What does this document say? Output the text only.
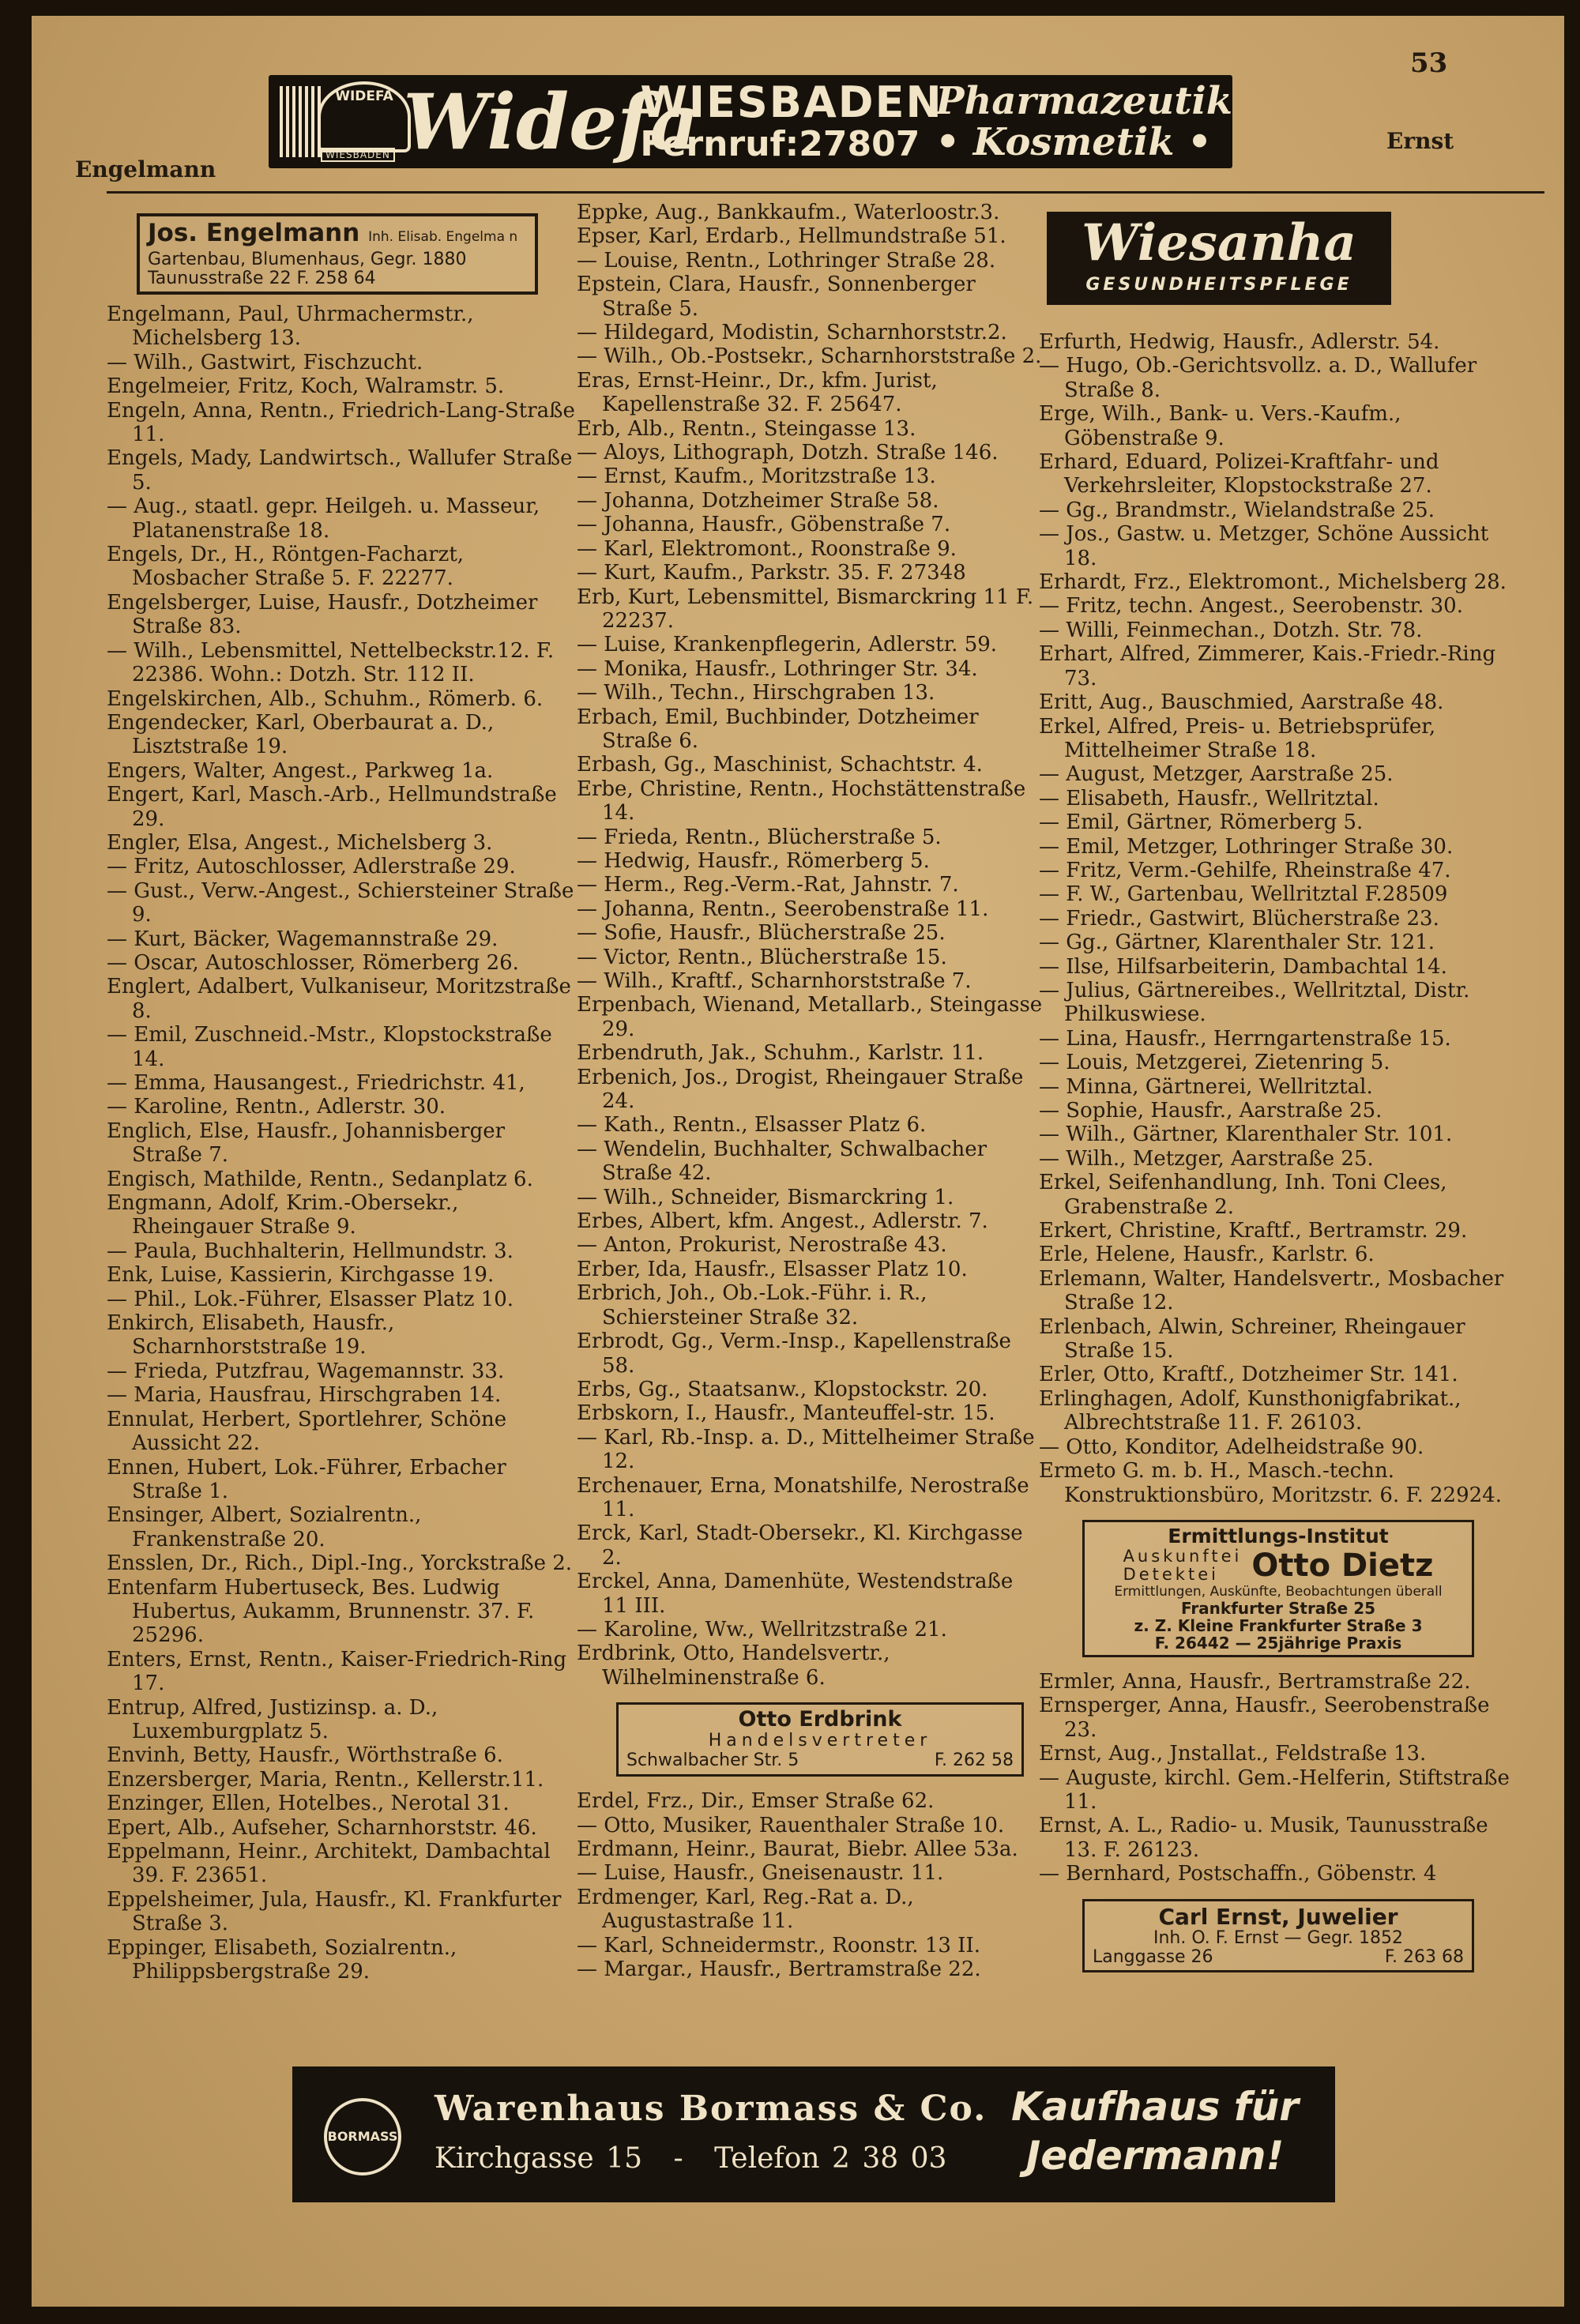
53
Engelmann
Ernst
WIDEFA
WIESBADEN Widefa
WIESBADEN
Fernruf:27807
Pharmazeutik
• Kosmetik •
Jos. Engelmann Inh. Elisab. Engelma n
Gartenbau, Blumenhaus, Gegr. 1880
Taunusstraße 22 F. 258 64
Engelmann, Paul, Uhrmachermstr., Michelsberg 13.
— Wilh., Gastwirt, Fischzucht.
Engelmeier, Fritz, Koch, Walramstr. 5.
Engeln, Anna, Rentn., Friedrich-Lang-Straße 11.
Engels, Mady, Landwirtsch., Wallufer Straße 5.
— Aug., staatl. gepr. Heilgeh. u. Masseur, Platanenstraße 18.
Engels, Dr., H., Röntgen-Facharzt, Mosbacher Straße 5. F. 22277.
Engelsberger, Luise, Hausfr., Dotzheimer Straße 83.
— Wilh., Lebensmittel, Nettelbeckstr.12. F. 22386. Wohn.: Dotzh. Str. 112 II.
Engelskirchen, Alb., Schuhm., Römerb. 6.
Engendecker, Karl, Oberbaurat a. D., Lisztstraße 19.
Engers, Walter, Angest., Parkweg 1a.
Engert, Karl, Masch.-Arb., Hellmundstraße 29.
Engler, Elsa, Angest., Michelsberg 3.
— Fritz, Autoschlosser, Adlerstraße 29.
— Gust., Verw.-Angest., Schiersteiner Straße 9.
— Kurt, Bäcker, Wagemannstraße 29.
— Oscar, Autoschlosser, Römerberg 26.
Englert, Adalbert, Vulkaniseur, Moritzstraße 8.
— Emil, Zuschneid.-Mstr., Klopstockstraße 14.
— Emma, Hausangest., Friedrichstr. 41,
— Karoline, Rentn., Adlerstr. 30.
Englich, Else, Hausfr., Johannisberger Straße 7.
Engisch, Mathilde, Rentn., Sedanplatz 6.
Engmann, Adolf, Krim.-Obersekr., Rheingauer Straße 9.
— Paula, Buchhalterin, Hellmundstr. 3.
Enk, Luise, Kassierin, Kirchgasse 19.
— Phil., Lok.-Führer, Elsasser Platz 10.
Enkirch, Elisabeth, Hausfr., Scharnhorststraße 19.
— Frieda, Putzfrau, Wagemannstr. 33.
— Maria, Hausfrau, Hirschgraben 14.
Ennulat, Herbert, Sportlehrer, Schöne Aussicht 22.
Ennen, Hubert, Lok.-Führer, Erbacher Straße 1.
Ensinger, Albert, Sozialrentn., Frankenstraße 20.
Ensslen, Dr., Rich., Dipl.-Ing., Yorckstraße 2.
Entenfarm Hubertuseck, Bes. Ludwig Hubertus, Aukamm, Brunnenstr. 37. F. 25296.
Enters, Ernst, Rentn., Kaiser-Friedrich-Ring 17.
Entrup, Alfred, Justizinsp. a. D., Luxemburgplatz 5.
Envinh, Betty, Hausfr., Wörthstraße 6.
Enzersberger, Maria, Rentn., Kellerstr.11.
Enzinger, Ellen, Hotelbes., Nerotal 31.
Epert, Alb., Aufseher, Scharnhorststr. 46.
Eppelmann, Heinr., Architekt, Dambachtal 39. F. 23651.
Eppelsheimer, Jula, Hausfr., Kl. Frankfurter Straße 3.
Eppinger, Elisabeth, Sozialrentn., Philippsbergstraße 29.
Eppke, Aug., Bankkaufm., Waterloostr.3.
Epser, Karl, Erdarb., Hellmundstraße 51.
— Louise, Rentn., Lothringer Straße 28.
Epstein, Clara, Hausfr., Sonnenberger Straße 5.
— Hildegard, Modistin, Scharnhorststr.2.
— Wilh., Ob.-Postsekr., Scharnhorststraße 2.
Eras, Ernst-Heinr., Dr., kfm. Jurist, Kapellenstraße 32. F. 25647.
Erb, Alb., Rentn., Steingasse 13.
— Aloys, Lithograph, Dotzh. Straße 146.
— Ernst, Kaufm., Moritzstraße 13.
— Johanna, Dotzheimer Straße 58.
— Johanna, Hausfr., Göbenstraße 7.
— Karl, Elektromont., Roonstraße 9.
— Kurt, Kaufm., Parkstr. 35. F. 27348
Erb, Kurt, Lebensmittel, Bismarckring 11 F. 22237.
— Luise, Krankenpflegerin, Adlerstr. 59.
— Monika, Hausfr., Lothringer Str. 34.
— Wilh., Techn., Hirschgraben 13.
Erbach, Emil, Buchbinder, Dotzheimer Straße 6.
Erbash, Gg., Maschinist, Schachtstr. 4.
Erbe, Christine, Rentn., Hochstättenstraße 14.
— Frieda, Rentn., Blücherstraße 5.
— Hedwig, Hausfr., Römerberg 5.
— Herm., Reg.-Verm.-Rat, Jahnstr. 7.
— Johanna, Rentn., Seerobenstraße 11.
— Sofie, Hausfr., Blücherstraße 25.
— Victor, Rentn., Blücherstraße 15.
— Wilh., Kraftf., Scharnhorststraße 7.
Erpenbach, Wienand, Metallarb., Steingasse 29.
Erbendruth, Jak., Schuhm., Karlstr. 11.
Erbenich, Jos., Drogist, Rheingauer Straße 24.
— Kath., Rentn., Elsasser Platz 6.
— Wendelin, Buchhalter, Schwalbacher Straße 42.
— Wilh., Schneider, Bismarckring 1.
Erbes, Albert, kfm. Angest., Adlerstr. 7.
— Anton, Prokurist, Nerostraße 43.
Erber, Ida, Hausfr., Elsasser Platz 10.
Erbrich, Joh., Ob.-Lok.-Führ. i. R., Schiersteiner Straße 32.
Erbrodt, Gg., Verm.-Insp., Kapellenstraße 58.
Erbs, Gg., Staatsanw., Klopstockstr. 20.
Erbskorn, I., Hausfr., Manteuffel-str. 15.
— Karl, Rb.-Insp. a. D., Mittelheimer Straße 12.
Erchenauer, Erna, Monatshilfe, Nerostraße 11.
Erck, Karl, Stadt-Obersekr., Kl. Kirchgasse 2.
Erckel, Anna, Damenhüte, Westendstraße 11 III.
— Karoline, Ww., Wellritzstraße 21.
Erdbrink, Otto, Handelsvertr., Wilhelminenstraße 6.
Otto Erdbrink
Handelsvertreter
Schwalbacher Str. 5	F. 262 58
Erdel, Frz., Dir., Emser Straße 62.
— Otto, Musiker, Rauenthaler Straße 10.
Erdmann, Heinr., Baurat, Biebr. Allee 53a.
— Luise, Hausfr., Gneisenaustr. 11.
Erdmenger, Karl, Reg.-Rat a. D., Augustastraße 11.
— Karl, Schneidermstr., Roonstr. 13 II.
— Margar., Hausfr., Bertramstraße 22.
Wiesanha
GESUNDHEITSPFLEGE
Erfurth, Hedwig, Hausfr., Adlerstr. 54.
— Hugo, Ob.-Gerichtsvollz. a. D., Wallufer Straße 8.
Erge, Wilh., Bank- u. Vers.-Kaufm., Göbenstraße 9.
Erhard, Eduard, Polizei-Kraftfahr- und Verkehrsleiter, Klopstockstraße 27.
— Gg., Brandmstr., Wielandstraße 25.
— Jos., Gastw. u. Metzger, Schöne Aussicht 18.
Erhardt, Frz., Elektromont., Michelsberg 28.
— Fritz, techn. Angest., Seerobenstr. 30.
— Willi, Feinmechan., Dotzh. Str. 78.
Erhart, Alfred, Zimmerer, Kais.-Friedr.-Ring 73.
Eritt, Aug., Bauschmied, Aarstraße 48.
Erkel, Alfred, Preis- u. Betriebsprüfer, Mittelheimer Straße 18.
— August, Metzger, Aarstraße 25.
— Elisabeth, Hausfr., Wellritztal.
— Emil, Gärtner, Römerberg 5.
— Emil, Metzger, Lothringer Straße 30.
— Fritz, Verm.-Gehilfe, Rheinstraße 47.
— F. W., Gartenbau, Wellritztal F.28509
— Friedr., Gastwirt, Blücherstraße 23.
— Gg., Gärtner, Klarenthaler Str. 121.
— Ilse, Hilfsarbeiterin, Dambachtal 14.
— Julius, Gärtnereibes., Wellritztal, Distr. Philkuswiese.
— Lina, Hausfr., Herrngartenstraße 15.
— Louis, Metzgerei, Zietenring 5.
— Minna, Gärtnerei, Wellritztal.
— Sophie, Hausfr., Aarstraße 25.
— Wilh., Gärtner, Klarenthaler Str. 101.
— Wilh., Metzger, Aarstraße 25.
Erkel, Seifenhandlung, Inh. Toni Clees, Grabenstraße 2.
Erkert, Christine, Kraftf., Bertramstr. 29.
Erle, Helene, Hausfr., Karlstr. 6.
Erlemann, Walter, Handelsvertr., Mosbacher Straße 12.
Erlenbach, Alwin, Schreiner, Rheingauer Straße 15.
Erler, Otto, Kraftf., Dotzheimer Str. 141.
Erlinghagen, Adolf, Kunsthonigfabrikat., Albrechtstraße 11. F. 26103.
— Otto, Konditor, Adelheidstraße 90.
Ermeto G. m. b. H., Masch.-techn. Konstruktionsbüro, Moritzstr. 6. F. 22924.
Ermittlungs-Institut
Auskunftei
Detektei	Otto Dietz
Ermittlungen, Auskünfte, Beobachtungen überall
Frankfurter Straße 25
z. Z. Kleine Frankfurter Straße 3
F. 26442 — 25jährige Praxis
Ermler, Anna, Hausfr., Bertramstraße 22.
Ernsperger, Anna, Hausfr., Seerobenstraße 23.
Ernst, Aug., Jnstallat., Feldstraße 13.
— Auguste, kirchl. Gem.-Helferin, Stiftstraße 11.
Ernst, A. L., Radio- u. Musik, Taunusstraße 13. F. 26123.
— Bernhard, Postschaffn., Göbenstr. 4
Carl Ernst, Juwelier
Inh. O. F. Ernst — Gegr. 1852
Langgasse 26	F. 263 68
BORMASS
Warenhaus Bormass & Co.
Kirchgasse 15 - Telefon 2 38 03
Kaufhaus für
Jedermann!
